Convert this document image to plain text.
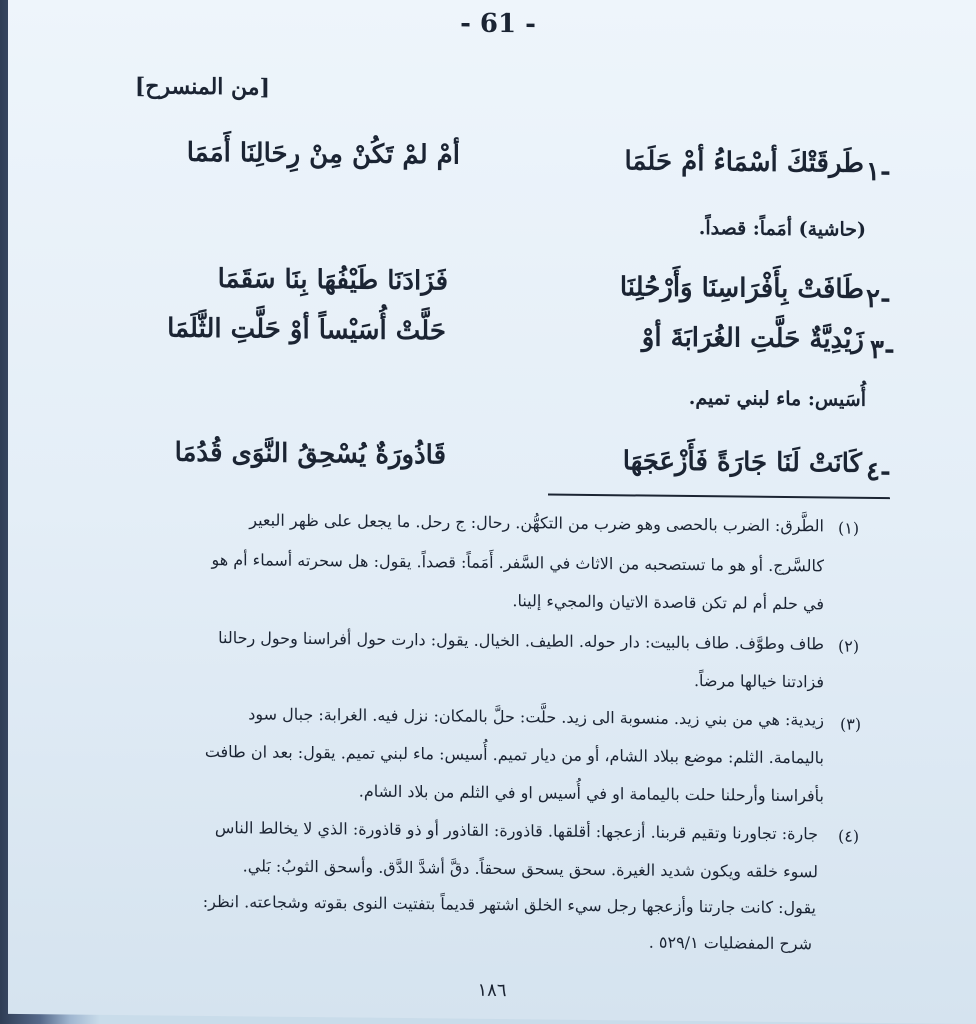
- 61 -
[من المنسرح]
١-
طَرقَتْكَ أسْمَاءُ أمْ حَلَمَا
أمْ لمْ تَكُنْ مِنْ رِحَالِنَا أَمَمَا
(حاشية) أمَماً: قصداً.
٢-
طَافَتْ بِأَفْرَاسِنَا وَأَرْحُلِنَا
فَزَادَنَا طَيْفُهَا بِنَا سَقَمَا
٣-
زَيْدِيَّةٌ حَلَّتِ الغُرَابَةَ أوْ
حَلَّتْ أُسَيْساً أوْ حَلَّتِ الثَّلَمَا
أُسَيس: ماء لبني تميم.
٤-
كَانَتْ لَنَا جَارَةً فَأَزْعَجَهَا
قَاذُورَةٌ يُسْحِقُ النَّوَى قُدُمَا
(١)
الطَّرق: الضرب بالحصى وهو ضرب من التكهُّن. رحال: ج رحل. ما يجعل على ظهر البعير
كالسَّرج. أو هو ما تستصحبه من الاثاث في السَّفر. أَمَماً: قصداً. يقول: هل سحرته أسماء أم هو
في حلم أم لم تكن قاصدة الاتيان والمجيء إلينا.
(٢)
طاف وطوَّف. طاف بالبيت: دار حوله. الطيف. الخيال. يقول: دارت حول أفراسنا وحول رحالنا
فزادتنا خيالها مرضاً.
(٣)
زيدية: هي من بني زيد. منسوبة الى زيد. حلَّت: حلَّ بالمكان: نزل فيه. الغرابة: جبال سود
باليمامة. الثلم: موضع ببلاد الشام، أو من ديار تميم. أُسيس: ماء لبني تميم. يقول: بعد ان طافت
بأفراسنا وأرحلنا حلت باليمامة او في أُسيس او في الثلم من بلاد الشام.
(٤)
جارة: تجاورنا وتقيم قربنا. أزعجها: أقلقها. قاذورة: القاذور أو ذو قاذورة: الذي لا يخالط الناس
لسوء خلقه ويكون شديد الغيرة. سحق يسحق سحقاً. دقَّ أشدَّ الدَّق. وأسحق الثوبُ: بَلي.
يقول: كانت جارتنا وأزعجها رجل سيء الخلق اشتهر قديماً بتفتيت النوى بقوته وشجاعته. انظر:
شرح المفضليات ٥٢٩/١ .
١٨٦
